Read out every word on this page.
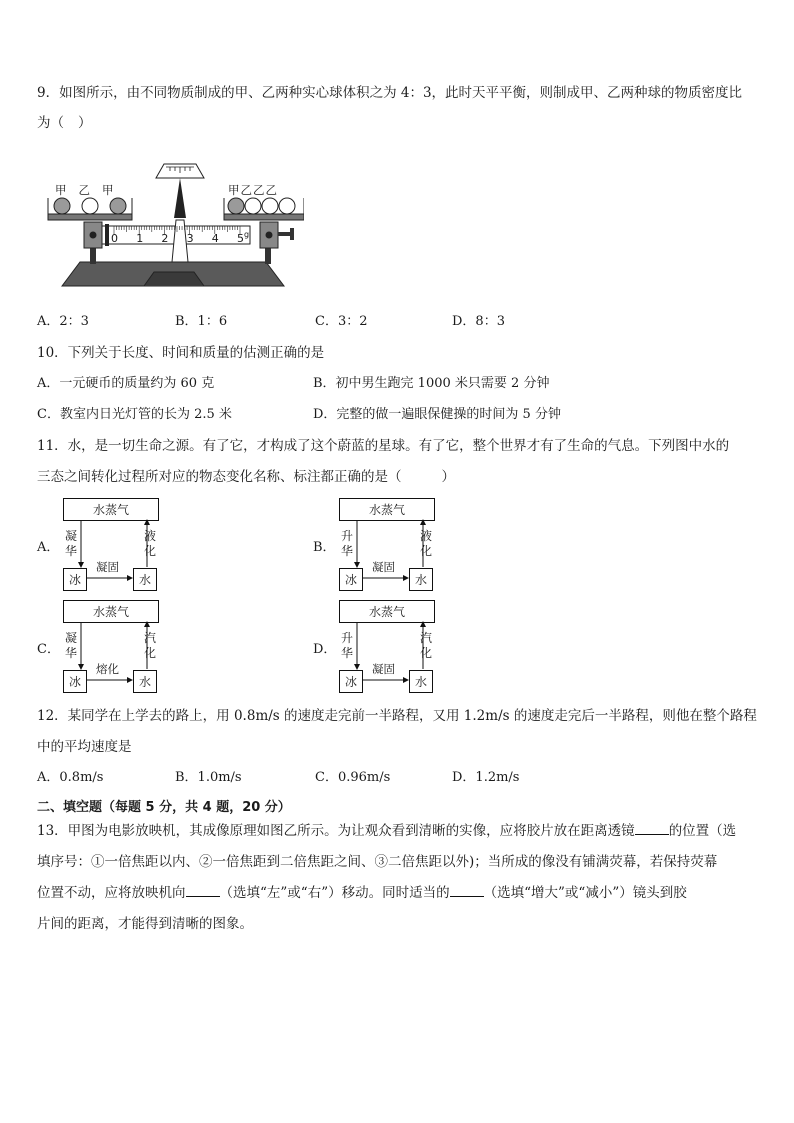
9．如图所示，由不同物质制成的甲、乙两种实心球体积之为 4：3，此时天平平衡，则制成甲、乙两种球的物质密度比
为（ ）
甲 乙 甲	甲乙乙乙
0 1 2 3 4 5 g
A．2：3	B．1：6	C．3：2	D．8：3
10．下列关于长度、时间和质量的估测正确的是
A．一元硬币的质量约为 60 克	B．初中男生跑完 1000 米只需要 2 分钟
C．教室内日光灯管的长为 2.5 米	D．完整的做一遍眼保健操的时间为 5 分钟
11．水，是一切生命之源。有了它，才构成了这个蔚蓝的星球。有了它，整个世界才有了生命的气息。下列图中水的
三态之间转化过程所对应的物态变化名称、标注都正确的是（	）
A．
水蒸气
冰	水
凝
华
液
化
凝固
B．
水蒸气
冰	水
升
华
液
化
凝固
C．
水蒸气
冰	水
凝
华
汽
化
熔化
D．
水蒸气
冰	水
升
华
汽
化
凝固
12．某同学在上学去的路上，用 0.8m/s 的速度走完前一半路程，又用 1.2m/s 的速度走完后一半路程，则他在整个路程
中的平均速度是
A．0.8m/s	B．1.0m/s	C．0.96m/s	D．1.2m/s
二、填空题（每题 5 分，共 4 题，20 分）
13．甲图为电影放映机，其成像原理如图乙所示。为让观众看到清晰的实像，应将胶片放在距离透镜	的位置（选
填序号：①一倍焦距以内、②一倍焦距到二倍焦距之间、③二倍焦距以外)；当所成的像没有铺满荧幕，若保持荧幕
位置不动，应将放映机向	（选填“左”或“右”）移动。同时适当的	（选填“增大”或“减小”）镜头到胶
片间的距离，才能得到清晰的图象。
